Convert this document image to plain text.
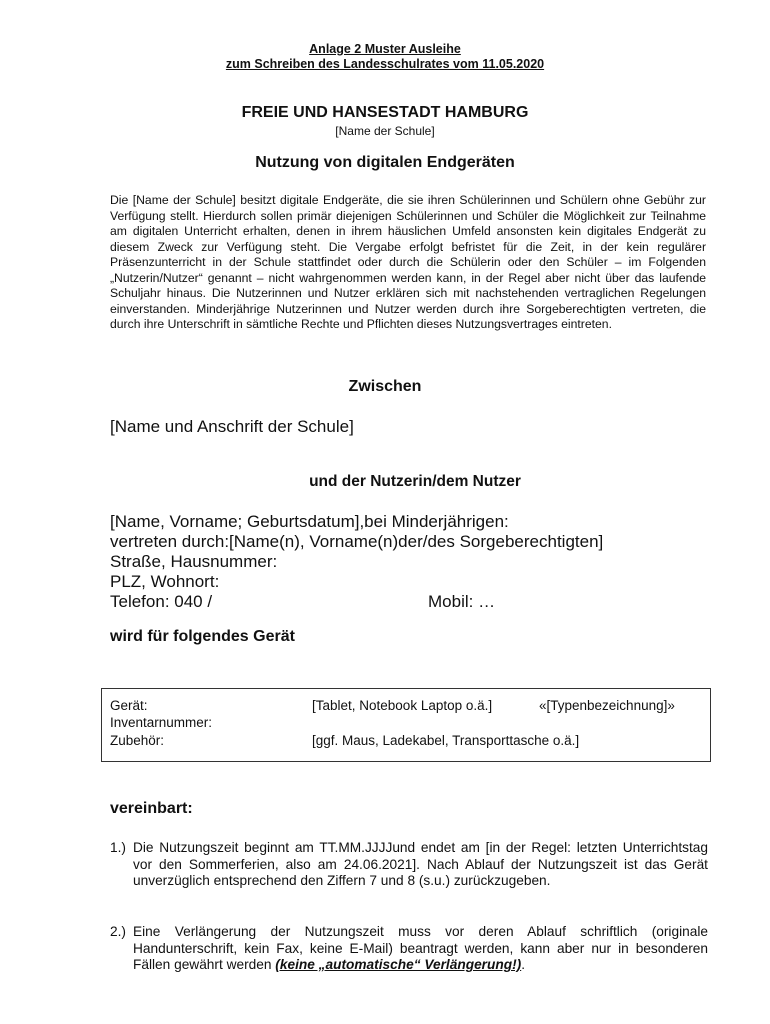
Anlage 2 Muster Ausleihe
zum Schreiben des Landesschulrates vom 11.05.2020
FREIE UND HANSESTADT HAMBURG
[Name der Schule]
Nutzung von digitalen Endgeräten

Die [Name der Schule] besitzt digitale Endgeräte, die sie ihren Schülerinnen und Schülern ohne Gebühr zur Verfügung stellt. Hierdurch sollen primär diejenigen Schülerinnen und Schüler die Möglichkeit zur Teilnahme am digitalen Unterricht erhalten, denen in ihrem häuslichen Umfeld ansonsten kein digitales Endgerät zu diesem Zweck zur Verfügung steht. Die Vergabe erfolgt befristet für die Zeit, in der kein regulärer Präsenzunterricht in der Schule stattfindet oder durch die Schülerin oder den Schüler – im Folgenden „Nutzerin/Nutzer“ genannt – nicht wahrgenommen werden kann, in der Regel aber nicht über das laufende Schuljahr hinaus. Die Nutzerinnen und Nutzer erklären sich mit nachstehenden vertraglichen Regelungen einverstanden. Minderjährige Nutzerinnen und Nutzer werden durch ihre Sorgeberechtigten vertreten, die durch ihre Unterschrift in sämtliche Rechte und Pflichten dieses Nutzungsvertrages eintreten.

Zwischen
[Name und Anschrift der Schule]
und der Nutzerin/dem Nutzer
[Name, Vorname; Geburtsdatum],bei Minderjährigen:
vertreten durch:[Name(n), Vorname(n)der/des Sorgeberechtigten]
Straße, Hausnummer:
PLZ, Wohnort:
Telefon: 040 /	Mobil: …
wird für folgendes Gerät
Gerät:	[Tablet, Notebook Laptop o.ä.]	«[Typenbezeichnung]»
Inventarnummer:
Zubehör:	[ggf. Maus, Ladekabel, Transporttasche o.ä.]
vereinbart:
1.) Die Nutzungszeit beginnt am TT.MM.JJJJund endet am [in der Regel: letzten Unterrichtstag vor den Sommerferien, also am 24.06.2021]. Nach Ablauf der Nutzungszeit ist das Gerät unverzüglich entsprechend den Ziffern 7 und 8 (s.u.) zurückzugeben.
2.) Eine Verlängerung der Nutzungszeit muss vor deren Ablauf schriftlich (originale Handunterschrift, kein Fax, keine E-Mail) beantragt werden, kann aber nur in besonderen Fällen gewährt werden (keine „automatische“ Verlängerung!).
